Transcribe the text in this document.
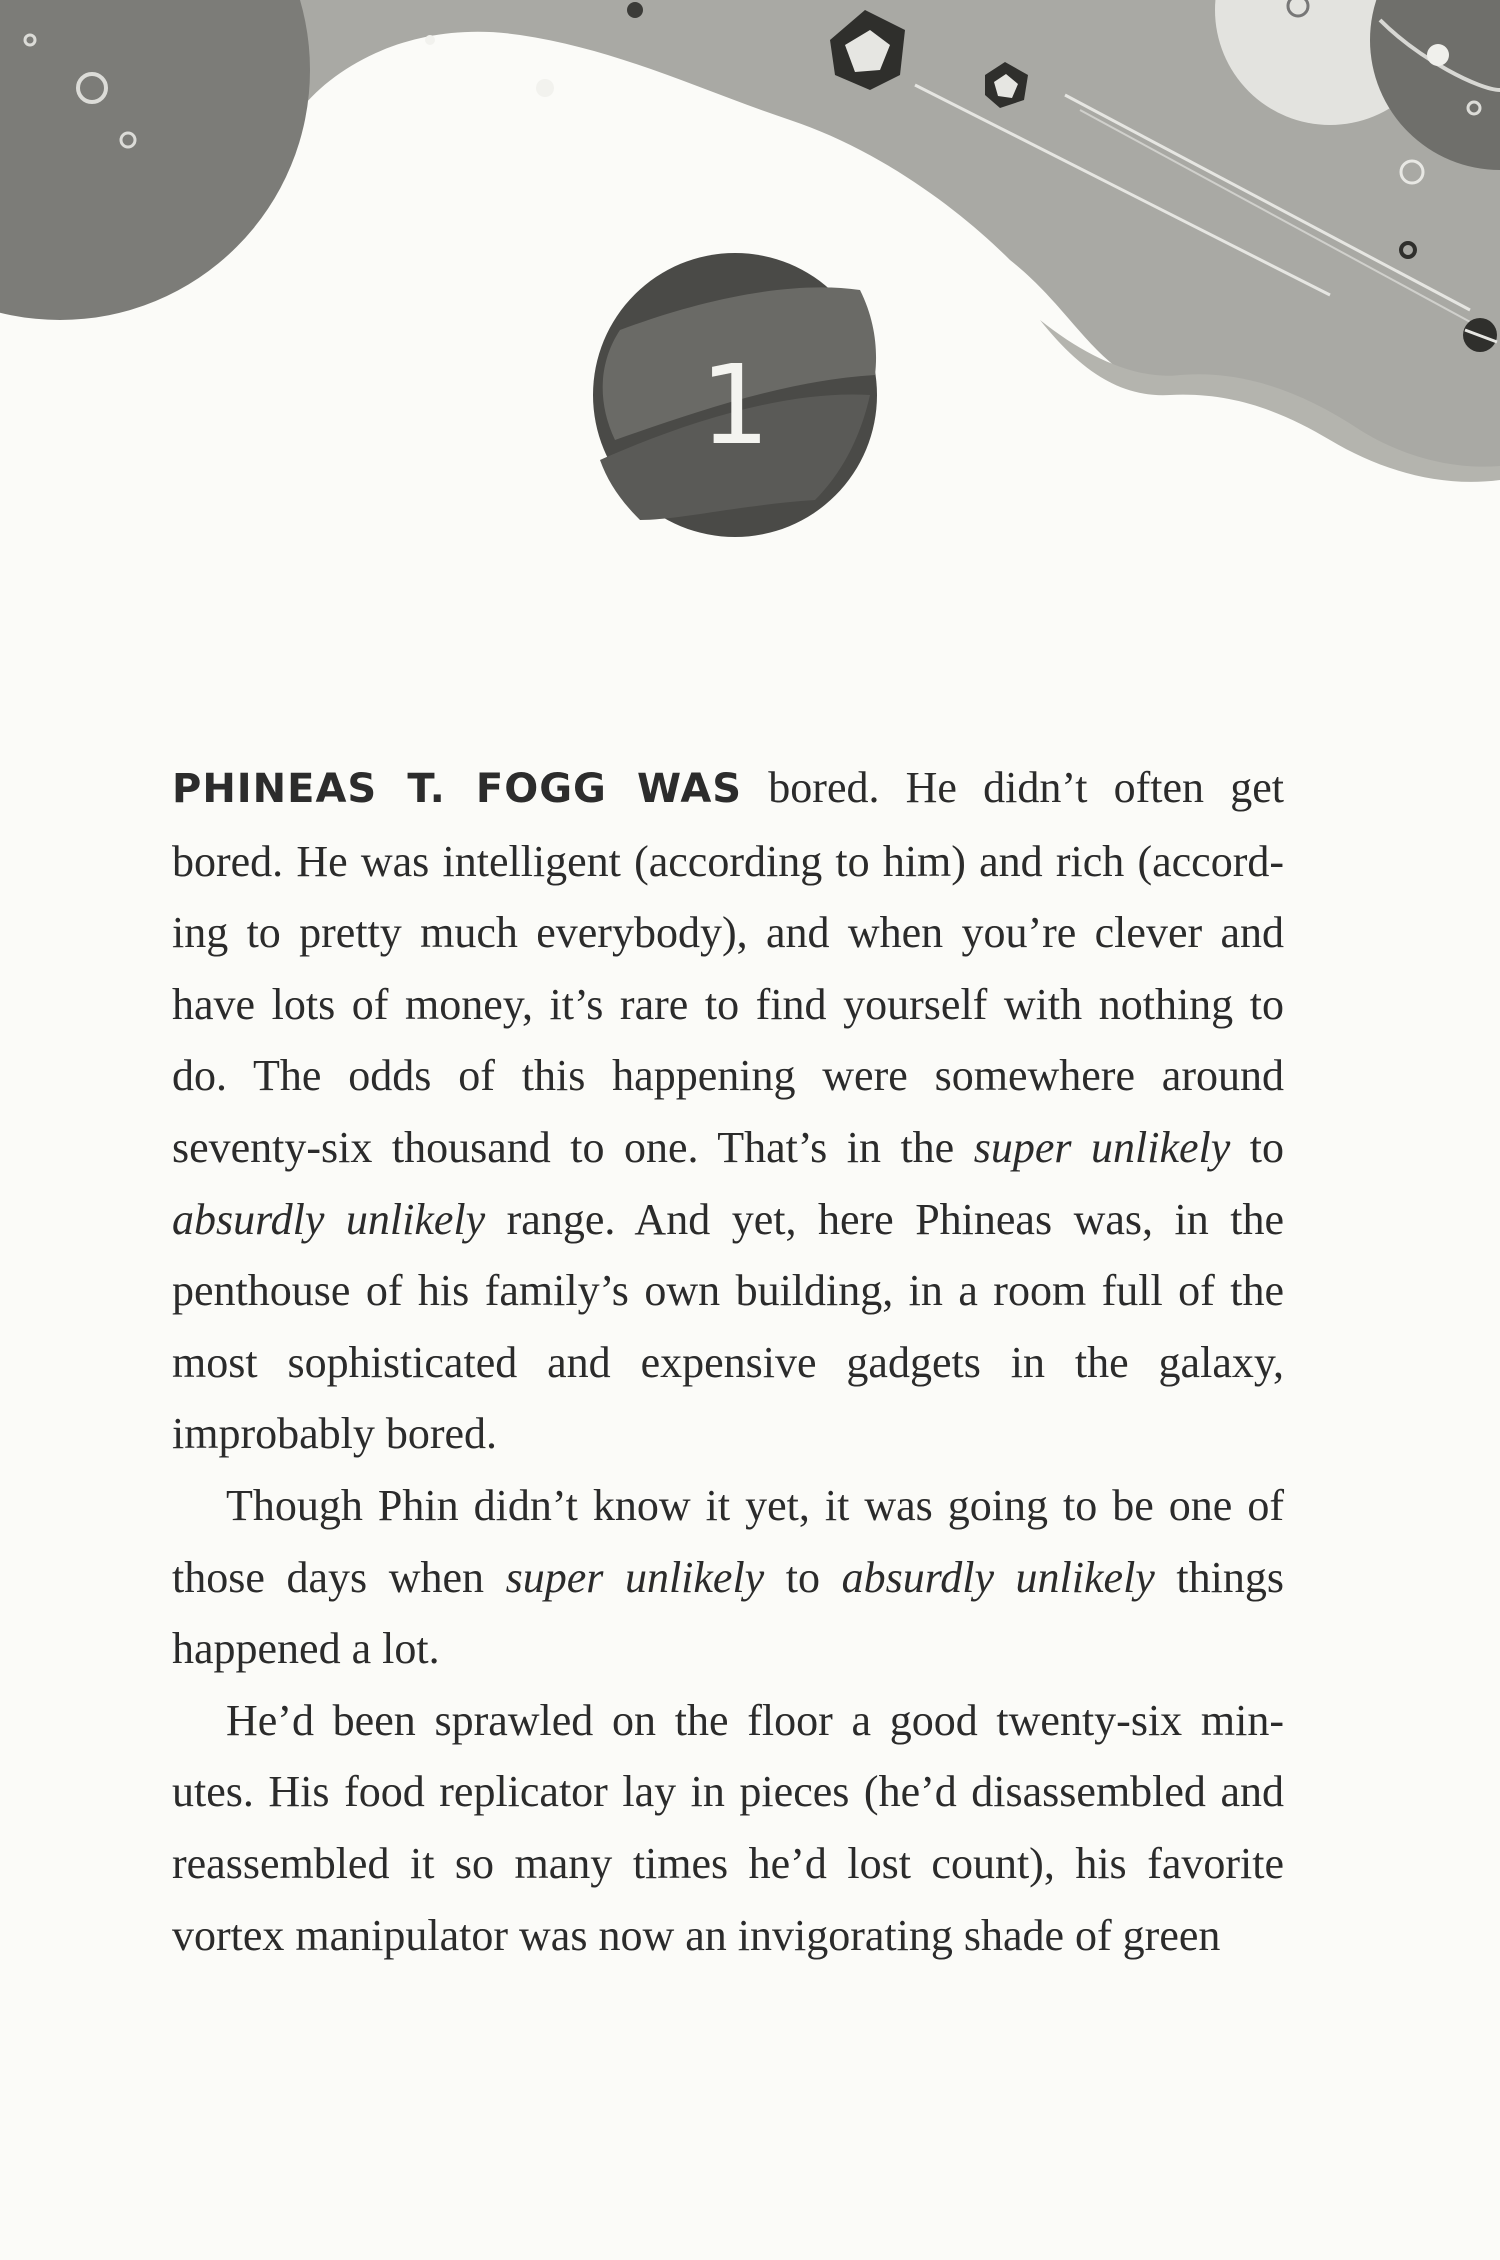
1

PHINEAS T. FOGG WAS bored. He didn’t often get bored. He was intelligent (according to him) and rich (accord-ing to pretty much everybody), and when you’re clever and have lots of money, it’s rare to find yourself with nothing to do. The odds of this happening were somewhere around seventy-six thousand to one. That’s in the super unlikely to absurdly unlikely range. And yet, here Phineas was, in the penthouse of his family’s own building, in a room full of the most sophisticated and expensive gadgets in the galaxy, improbably bored.

Though Phin didn’t know it yet, it was going to be one of those days when super unlikely to absurdly unlikely things happened a lot.

He’d been sprawled on the floor a good twenty-six min-utes. His food replicator lay in pieces (he’d disassembled and reassembled it so many times he’d lost count), his favorite vortex manipulator was now an invigorating shade of green
